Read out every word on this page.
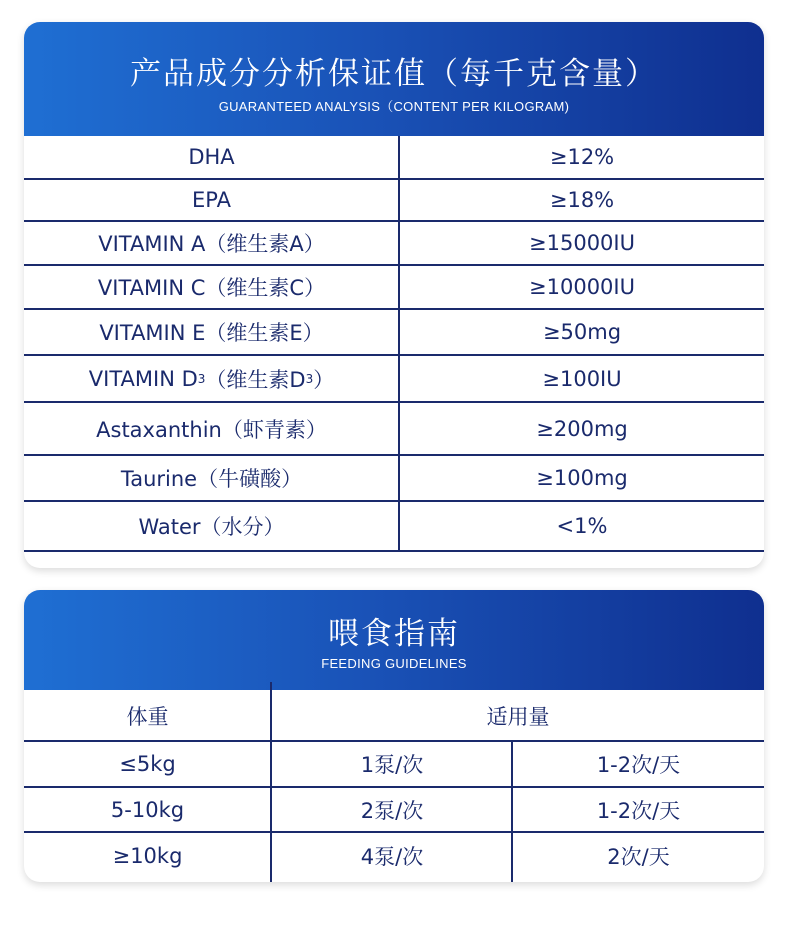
产品成分分析保证值（每千克含量）
GUARANTEED ANALYSIS（CONTENT PER KILOGRAM)
DHA	≥12%
EPA	≥18%
VITAMIN A（维生素A）	≥15000IU
VITAMIN C（维生素C）	≥10000IU
VITAMIN E（维生素E）	≥50mg
VITAMIN D 3 （维生素D 3 ）	≥100IU
Astaxanthin（虾青素）	≥200mg
Taurine（牛磺酸）	≥100mg
Water（水分）	<1%
喂食指南
FEEDING GUIDELINES
体重	适用量
≤5kg	1泵/次	1-2次/天
5-10kg	2泵/次	1-2次/天
≥10kg	4泵/次	2次/天
